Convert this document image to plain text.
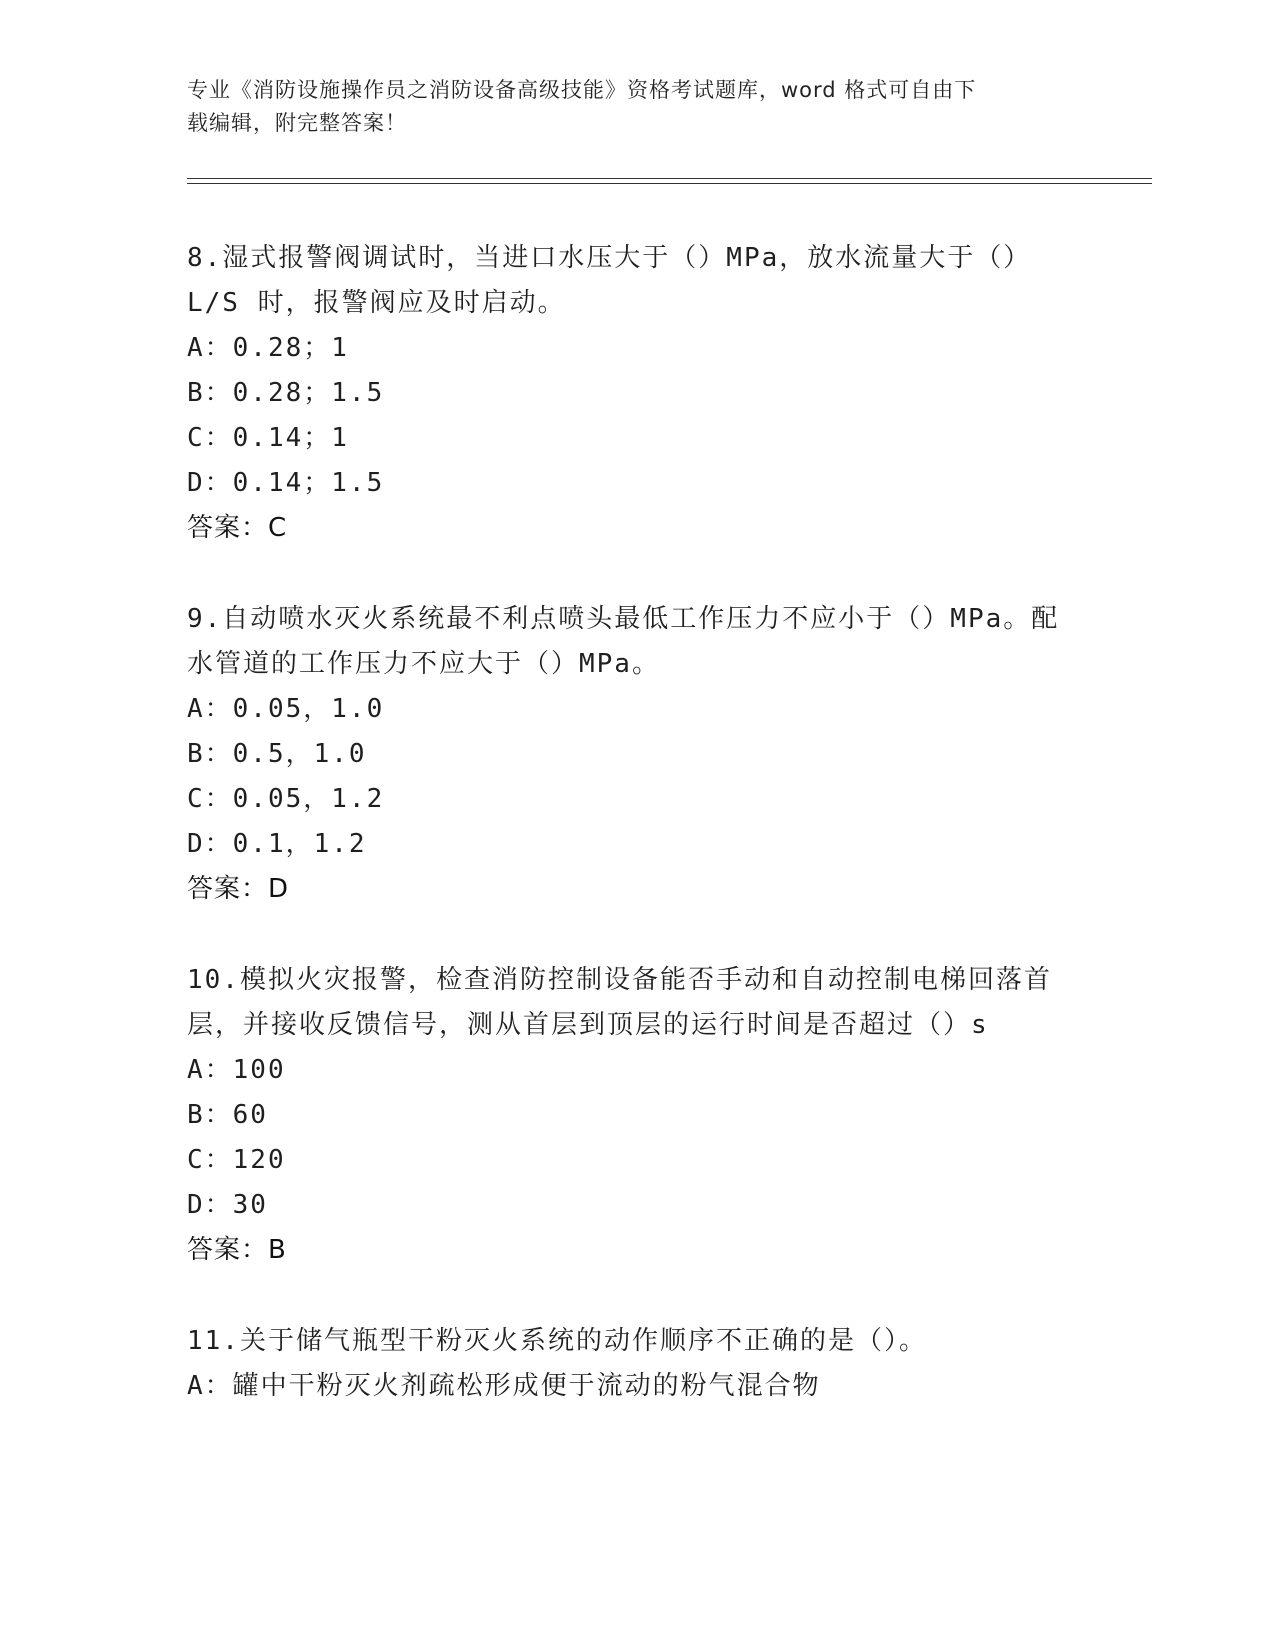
专业《消防设施操作员之消防设备高级技能》资格考试题库，word 格式可自由下
载编辑，附完整答案！
8.湿式报警阀调试时，当进口水压大于（）MPa，放水流量大于（）L/S 时，报警阀应及时启动。
A：0.28；1
B：0.28；1.5
C：0.14；1
D：0.14；1.5
答案：C
9.自动喷水灭火系统最不利点喷头最低工作压力不应小于（）MPa。配水管道的工作压力不应大于（）MPa。
A：0.05，1.0
B：0.5，1.0
C：0.05，1.2
D：0.1，1.2
答案：D
10.模拟火灾报警，检查消防控制设备能否手动和自动控制电梯回落首层，并接收反馈信号，测从首层到顶层的运行时间是否超过（）s
A：100
B：60
C：120
D：30
答案：B
11.关于储气瓶型干粉灭火系统的动作顺序不正确的是（）。
A：罐中干粉灭火剂疏松形成便于流动的粉气混合物
